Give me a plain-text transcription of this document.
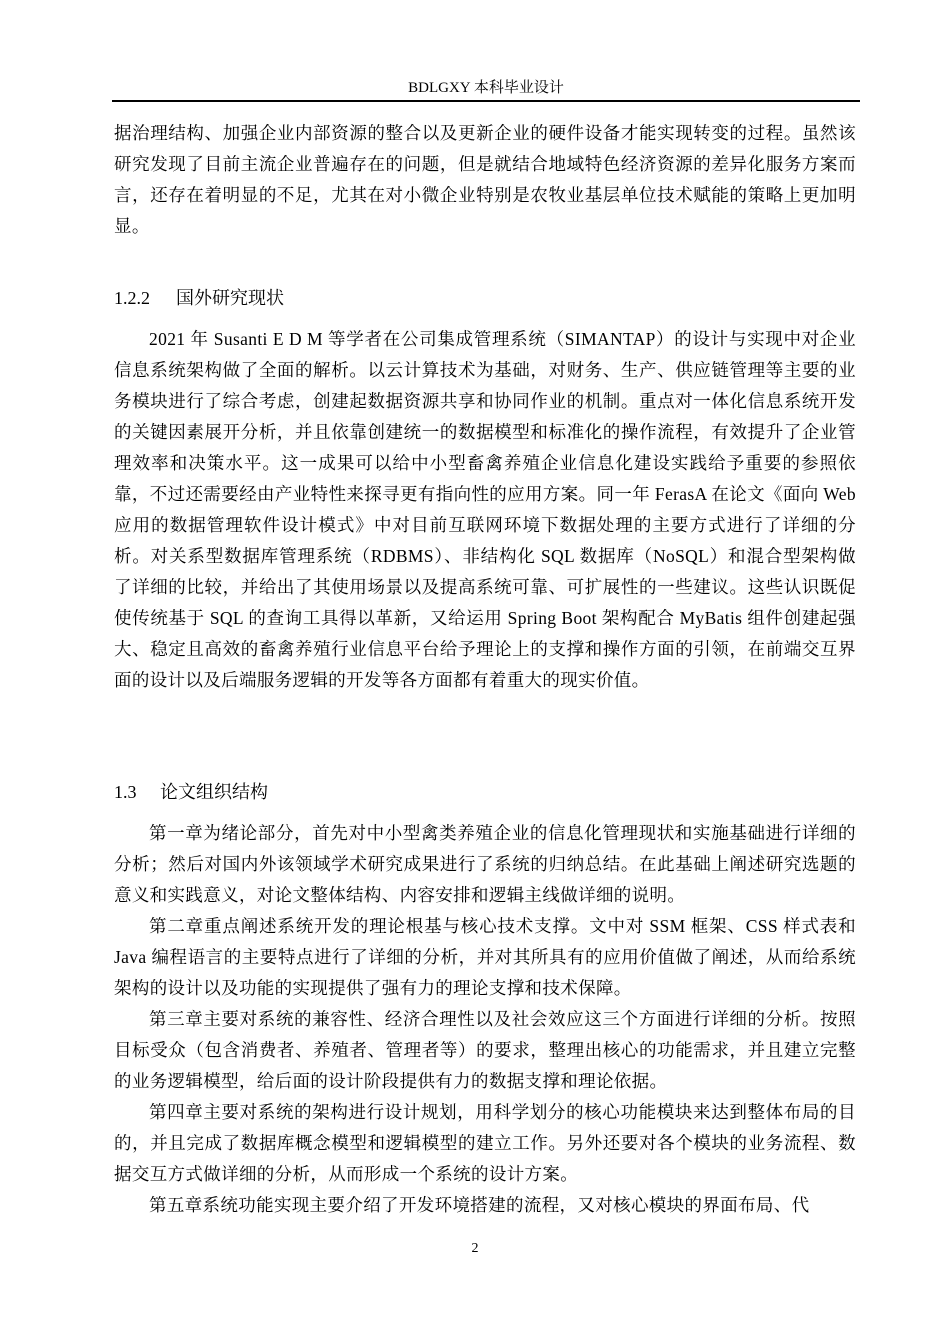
BDLGXY 本科毕业设计

据治理结构、加强企业内部资源的整合以及更新企业的硬件设备才能实现转变的过程。虽然该研究发现了目前主流企业普遍存在的问题，但是就结合地域特色经济资源的差异化服务方案而言，还存在着明显的不足，尤其在对小微企业特别是农牧业基层单位技术赋能的策略上更加明显。

1.2.2 国外研究现状

2021 年 Susanti E D M 等学者在公司集成管理系统（SIMANTAP）的设计与实现中对企业信息系统架构做了全面的解析。以云计算技术为基础，对财务、生产、供应链管理等主要的业务模块进行了综合考虑，创建起数据资源共享和协同作业的机制。重点对一体化信息系统开发的关键因素展开分析，并且依靠创建统一的数据模型和标准化的操作流程，有效提升了企业管理效率和决策水平。这一成果可以给中小型畜禽养殖企业信息化建设实践给予重要的参照依靠，不过还需要经由产业特性来探寻更有指向性的应用方案。同一年 FerasA 在论文《面向 Web 应用的数据管理软件设计模式》中对目前互联网环境下数据处理的主要方式进行了详细的分析。对关系型数据库管理系统（RDBMS）、非结构化 SQL 数据库（NoSQL）和混合型架构做了详细的比较，并给出了其使用场景以及提高系统可靠、可扩展性的一些建议。这些认识既促使传统基于 SQL 的查询工具得以革新，又给运用 Spring Boot 架构配合 MyBatis 组件创建起强大、稳定且高效的畜禽养殖行业信息平台给予理论上的支撑和操作方面的引领，在前端交互界面的设计以及后端服务逻辑的开发等各方面都有着重大的现实价值。

1.3 论文组织结构

第一章为绪论部分，首先对中小型禽类养殖企业的信息化管理现状和实施基础进行详细的分析；然后对国内外该领域学术研究成果进行了系统的归纳总结。在此基础上阐述研究选题的意义和实践意义，对论文整体结构、内容安排和逻辑主线做详细的说明。

第二章重点阐述系统开发的理论根基与核心技术支撑。文中对 SSM 框架、CSS 样式表和 Java 编程语言的主要特点进行了详细的分析，并对其所具有的应用价值做了阐述，从而给系统架构的设计以及功能的实现提供了强有力的理论支撑和技术保障。

第三章主要对系统的兼容性、经济合理性以及社会效应这三个方面进行详细的分析。按照目标受众（包含消费者、养殖者、管理者等）的要求，整理出核心的功能需求，并且建立完整的业务逻辑模型，给后面的设计阶段提供有力的数据支撑和理论依据。

第四章主要对系统的架构进行设计规划，用科学划分的核心功能模块来达到整体布局的目的，并且完成了数据库概念模型和逻辑模型的建立工作。另外还要对各个模块的业务流程、数据交互方式做详细的分析，从而形成一个系统的设计方案。

第五章系统功能实现主要介绍了开发环境搭建的流程，又对核心模块的界面布局、代

2
